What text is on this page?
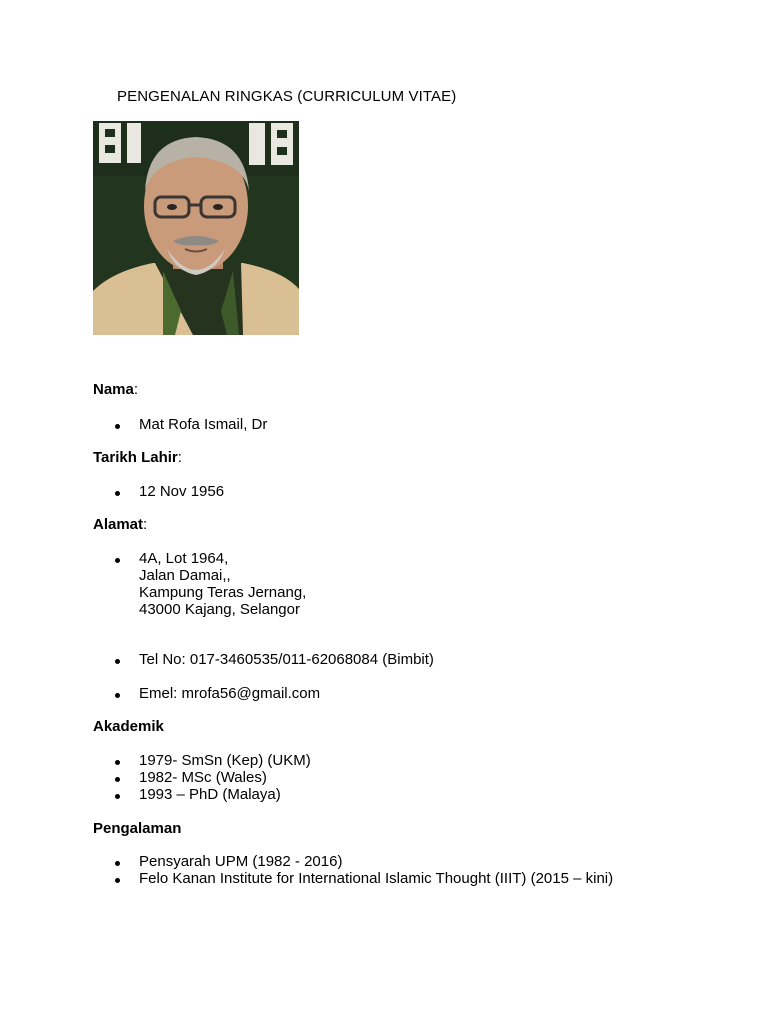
PENGENALAN RINGKAS (CURRICULUM VITAE)
Nama:
Mat Rofa Ismail, Dr
Tarikh Lahir:
12 Nov 1956
Alamat:
4A, Lot 1964,
Jalan Damai,,
Kampung Teras Jernang,
43000 Kajang, Selangor
Tel No: 017-3460535/011-62068084 (Bimbit)
Emel: mrofa56@gmail.com
Akademik
1979- SmSn (Kep) (UKM)
1982- MSc (Wales)
1993 – PhD (Malaya)
Pengalaman
Pensyarah UPM (1982 - 2016)
Felo Kanan Institute for International Islamic Thought (IIIT) (2015 – kini)
